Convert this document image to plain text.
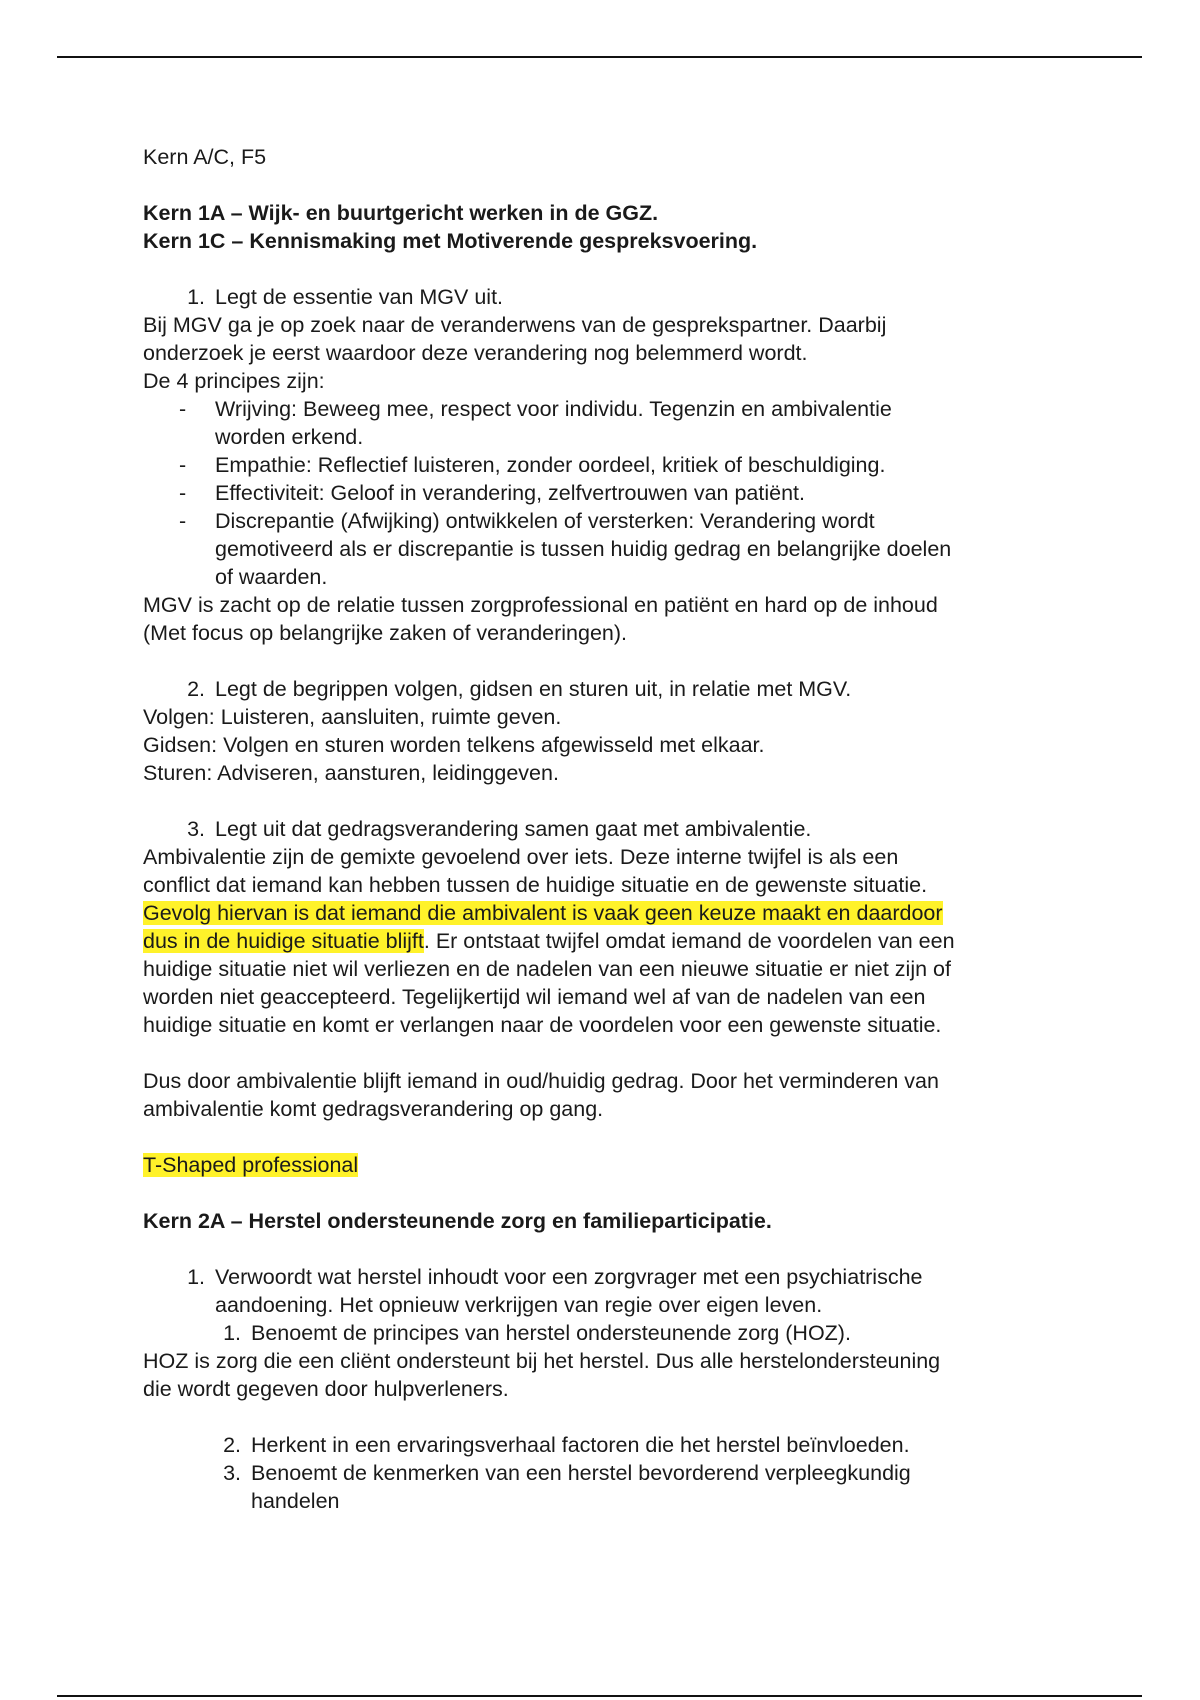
Kern A/C, F5
Kern 1A – Wijk- en buurtgericht werken in de GGZ.
Kern 1C – Kennismaking met Motiverende gespreksvoering.
1. Legt de essentie van MGV uit.
Bij MGV ga je op zoek naar de veranderwens van de gesprekspartner. Daarbij
onderzoek je eerst waardoor deze verandering nog belemmerd wordt.
De 4 principes zijn:
-	Wrijving: Beweeg mee, respect voor individu. Tegenzin en ambivalentie
worden erkend.
-	Empathie: Reflectief luisteren, zonder oordeel, kritiek of beschuldiging.
-	Effectiviteit: Geloof in verandering, zelfvertrouwen van patiënt.
-	Discrepantie (Afwijking) ontwikkelen of versterken: Verandering wordt
gemotiveerd als er discrepantie is tussen huidig gedrag en belangrijke doelen
of waarden.
MGV is zacht op de relatie tussen zorgprofessional en patiënt en hard op de inhoud
(Met focus op belangrijke zaken of veranderingen).
2. Legt de begrippen volgen, gidsen en sturen uit, in relatie met MGV.
Volgen: Luisteren, aansluiten, ruimte geven.
Gidsen: Volgen en sturen worden telkens afgewisseld met elkaar.
Sturen: Adviseren, aansturen, leidinggeven.
3. Legt uit dat gedragsverandering samen gaat met ambivalentie.
Ambivalentie zijn de gemixte gevoelend over iets. Deze interne twijfel is als een
conflict dat iemand kan hebben tussen de huidige situatie en de gewenste situatie.
Gevolg hiervan is dat iemand die ambivalent is vaak geen keuze maakt en daardoor
dus in de huidige situatie blijft. Er ontstaat twijfel omdat iemand de voordelen van een
huidige situatie niet wil verliezen en de nadelen van een nieuwe situatie er niet zijn of
worden niet geaccepteerd. Tegelijkertijd wil iemand wel af van de nadelen van een
huidige situatie en komt er verlangen naar de voordelen voor een gewenste situatie.
Dus door ambivalentie blijft iemand in oud/huidig gedrag. Door het verminderen van
ambivalentie komt gedragsverandering op gang.
T-Shaped professional
Kern 2A – Herstel ondersteunende zorg en familieparticipatie.
1. Verwoordt wat herstel inhoudt voor een zorgvrager met een psychiatrische
aandoening. Het opnieuw verkrijgen van regie over eigen leven.
1. Benoemt de principes van herstel ondersteunende zorg (HOZ).
HOZ is zorg die een cliënt ondersteunt bij het herstel. Dus alle herstelondersteuning
die wordt gegeven door hulpverleners.
2. Herkent in een ervaringsverhaal factoren die het herstel beïnvloeden.
3. Benoemt de kenmerken van een herstel bevorderend verpleegkundig
handelen
